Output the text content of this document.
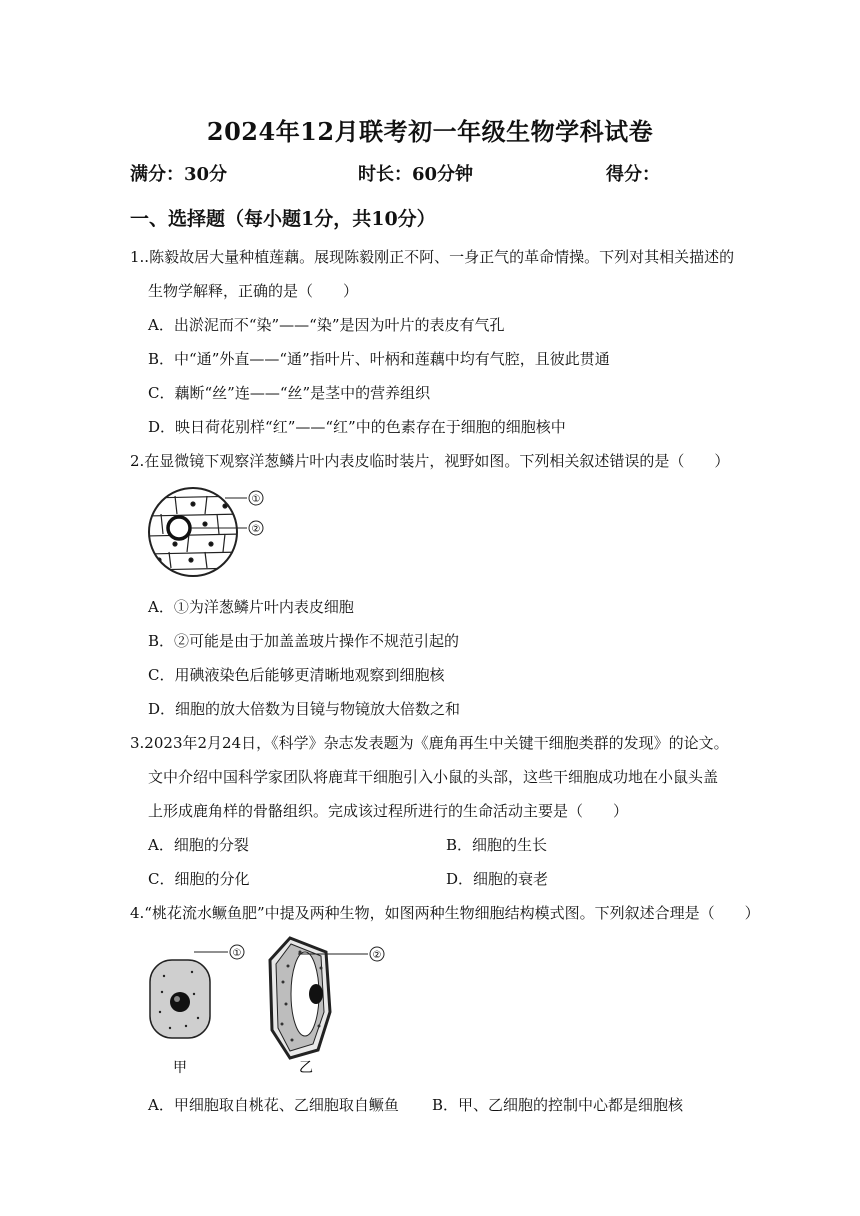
2024年12月联考初一年级生物学科试卷
满分：30分	时长：60分钟	得分：
一、选择题（每小题1分，共10分）
1..陈毅故居大量种植莲藕。展现陈毅刚正不阿、一身正气的革命情操。下列对其相关描述的
生物学解释，正确的是（　　）
A．出淤泥而不“染”——“染”是因为叶片的表皮有气孔
B．中“通”外直——“通”指叶片、叶柄和莲藕中均有气腔，且彼此贯通
C．藕断“丝”连——“丝”是茎中的营养组织
D．映日荷花别样“红”——“红”中的色素存在于细胞的细胞核中
2.在显微镜下观察洋葱鳞片叶内表皮临时装片，视野如图。下列相关叙述错误的是（　　）
①
②
A．①为洋葱鳞片叶内表皮细胞
B．②可能是由于加盖盖玻片操作不规范引起的
C．用碘液染色后能够更清晰地观察到细胞核
D．细胞的放大倍数为目镜与物镜放大倍数之和
3.2023年2月24日，《科学》杂志发表题为《鹿角再生中关键干细胞类群的发现》的论文。
文中介绍中国科学家团队将鹿茸干细胞引入小鼠的头部，这些干细胞成功地在小鼠头盖
上形成鹿角样的骨骼组织。完成该过程所进行的生命活动主要是（　　）
A．细胞的分裂	B．细胞的生长
C．细胞的分化	D．细胞的衰老
4.“桃花流水鳜鱼肥”中提及两种生物，如图两种生物细胞结构模式图。下列叙述合理是（　　）
①
甲
②
乙
A．甲细胞取自桃花、乙细胞取自鳜鱼 B．甲、乙细胞的控制中心都是细胞核
